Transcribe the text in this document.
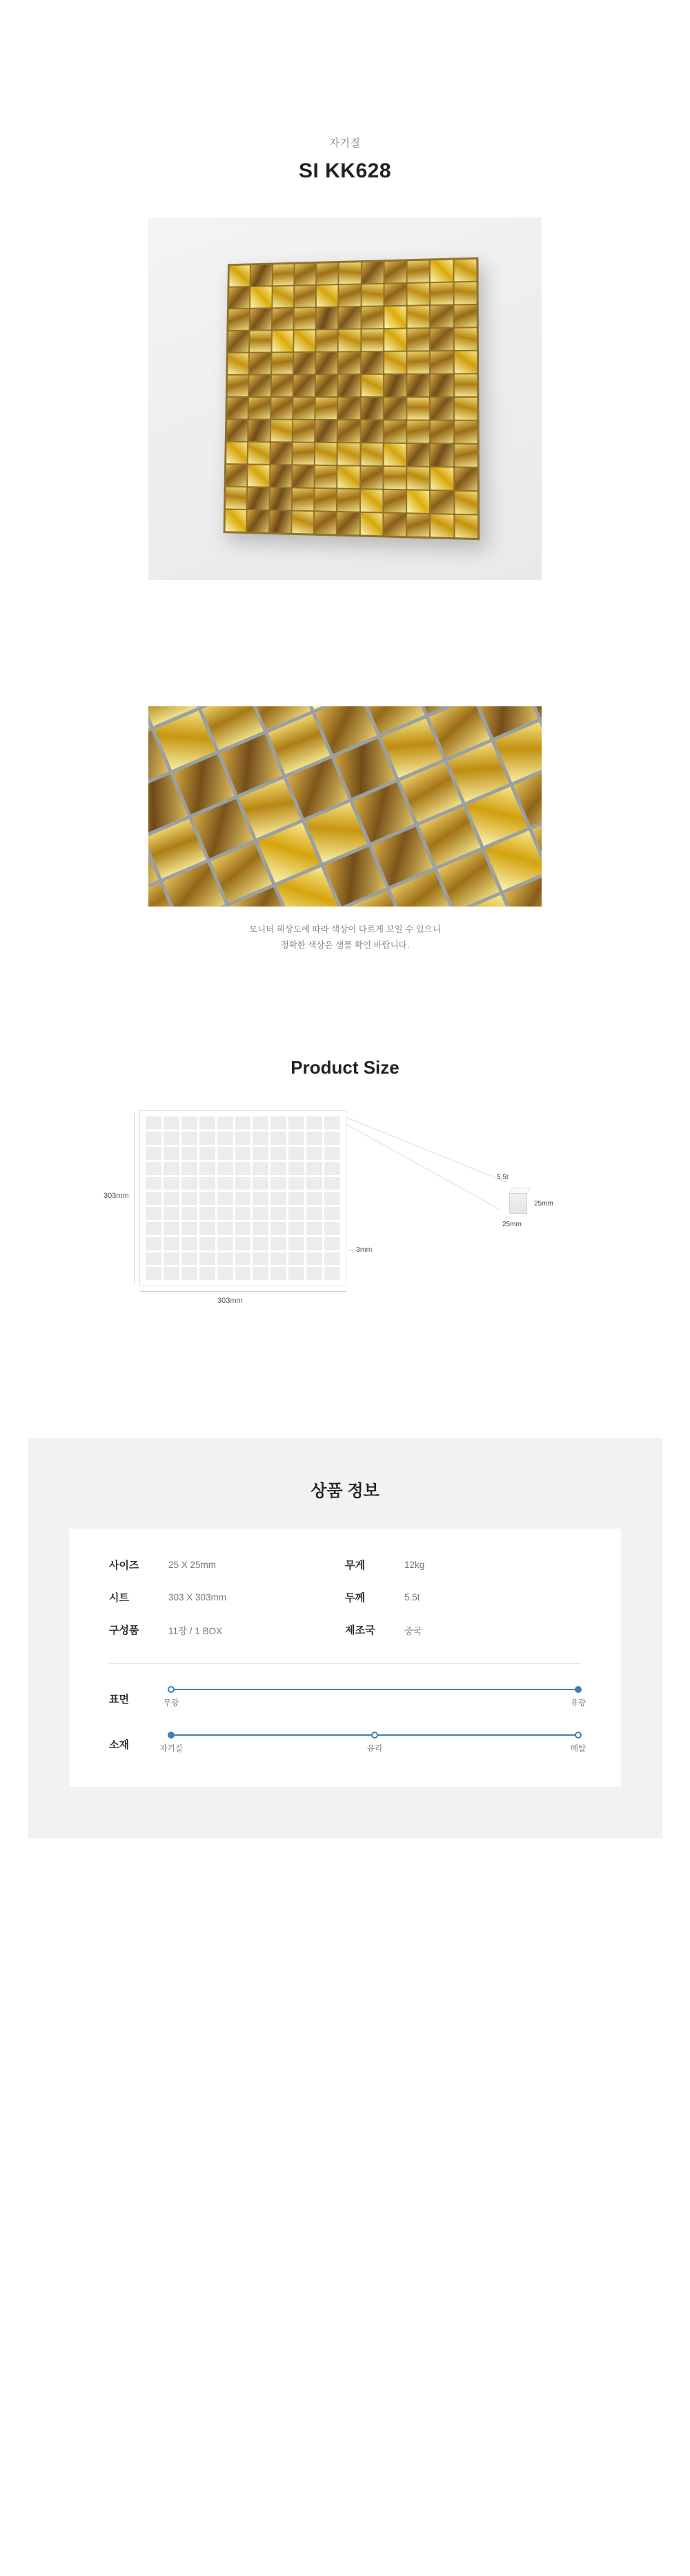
자기질
SI KK628
모니터 해상도에 따라 색상이 다르게 보일 수 있으니
정확한 색상은 샘플 확인 바랍니다.
Product Size
303mm
303mm
3mm
5.5t
25mm
25mm
상품 정보
사이즈	25 X 25mm	무게	12kg
시트	303 X 303mm	두께	5.5t
구성품	11장 / 1 BOX	제조국	중국
표면	무광	유광
소재	자기질	유리	메탈
